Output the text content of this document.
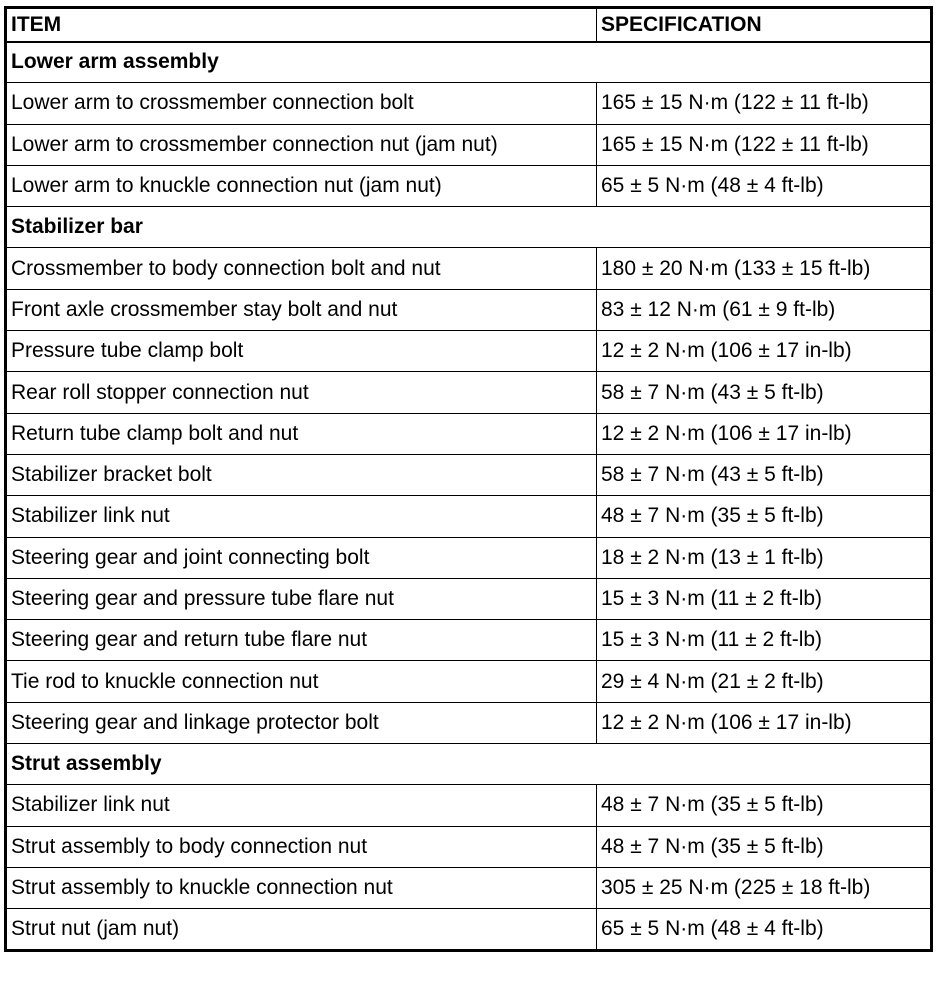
ITEM	SPECIFICATION
Lower arm assembly	
Lower arm to crossmember connection bolt	165 ± 15 N·m (122 ± 11 ft-lb)
Lower arm to crossmember connection nut (jam nut)	165 ± 15 N·m (122 ± 11 ft-lb)
Lower arm to knuckle connection nut (jam nut)	65 ± 5 N·m (48 ± 4 ft-lb)
Stabilizer bar	
Crossmember to body connection bolt and nut	180 ± 20 N·m (133 ± 15 ft-lb)
Front axle crossmember stay bolt and nut	83 ± 12 N·m (61 ± 9 ft-lb)
Pressure tube clamp bolt	12 ± 2 N·m (106 ± 17 in-lb)
Rear roll stopper connection nut	58 ± 7 N·m (43 ± 5 ft-lb)
Return tube clamp bolt and nut	12 ± 2 N·m (106 ± 17 in-lb)
Stabilizer bracket bolt	58 ± 7 N·m (43 ± 5 ft-lb)
Stabilizer link nut	48 ± 7 N·m (35 ± 5 ft-lb)
Steering gear and joint connecting bolt	18 ± 2 N·m (13 ± 1 ft-lb)
Steering gear and pressure tube flare nut	15 ± 3 N·m (11 ± 2 ft-lb)
Steering gear and return tube flare nut	15 ± 3 N·m (11 ± 2 ft-lb)
Tie rod to knuckle connection nut	29 ± 4 N·m (21 ± 2 ft-lb)
Steering gear and linkage protector bolt	12 ± 2 N·m (106 ± 17 in-lb)
Strut assembly	
Stabilizer link nut	48 ± 7 N·m (35 ± 5 ft-lb)
Strut assembly to body connection nut	48 ± 7 N·m (35 ± 5 ft-lb)
Strut assembly to knuckle connection nut	305 ± 25 N·m (225 ± 18 ft-lb)
Strut nut (jam nut)	65 ± 5 N·m (48 ± 4 ft-lb)
